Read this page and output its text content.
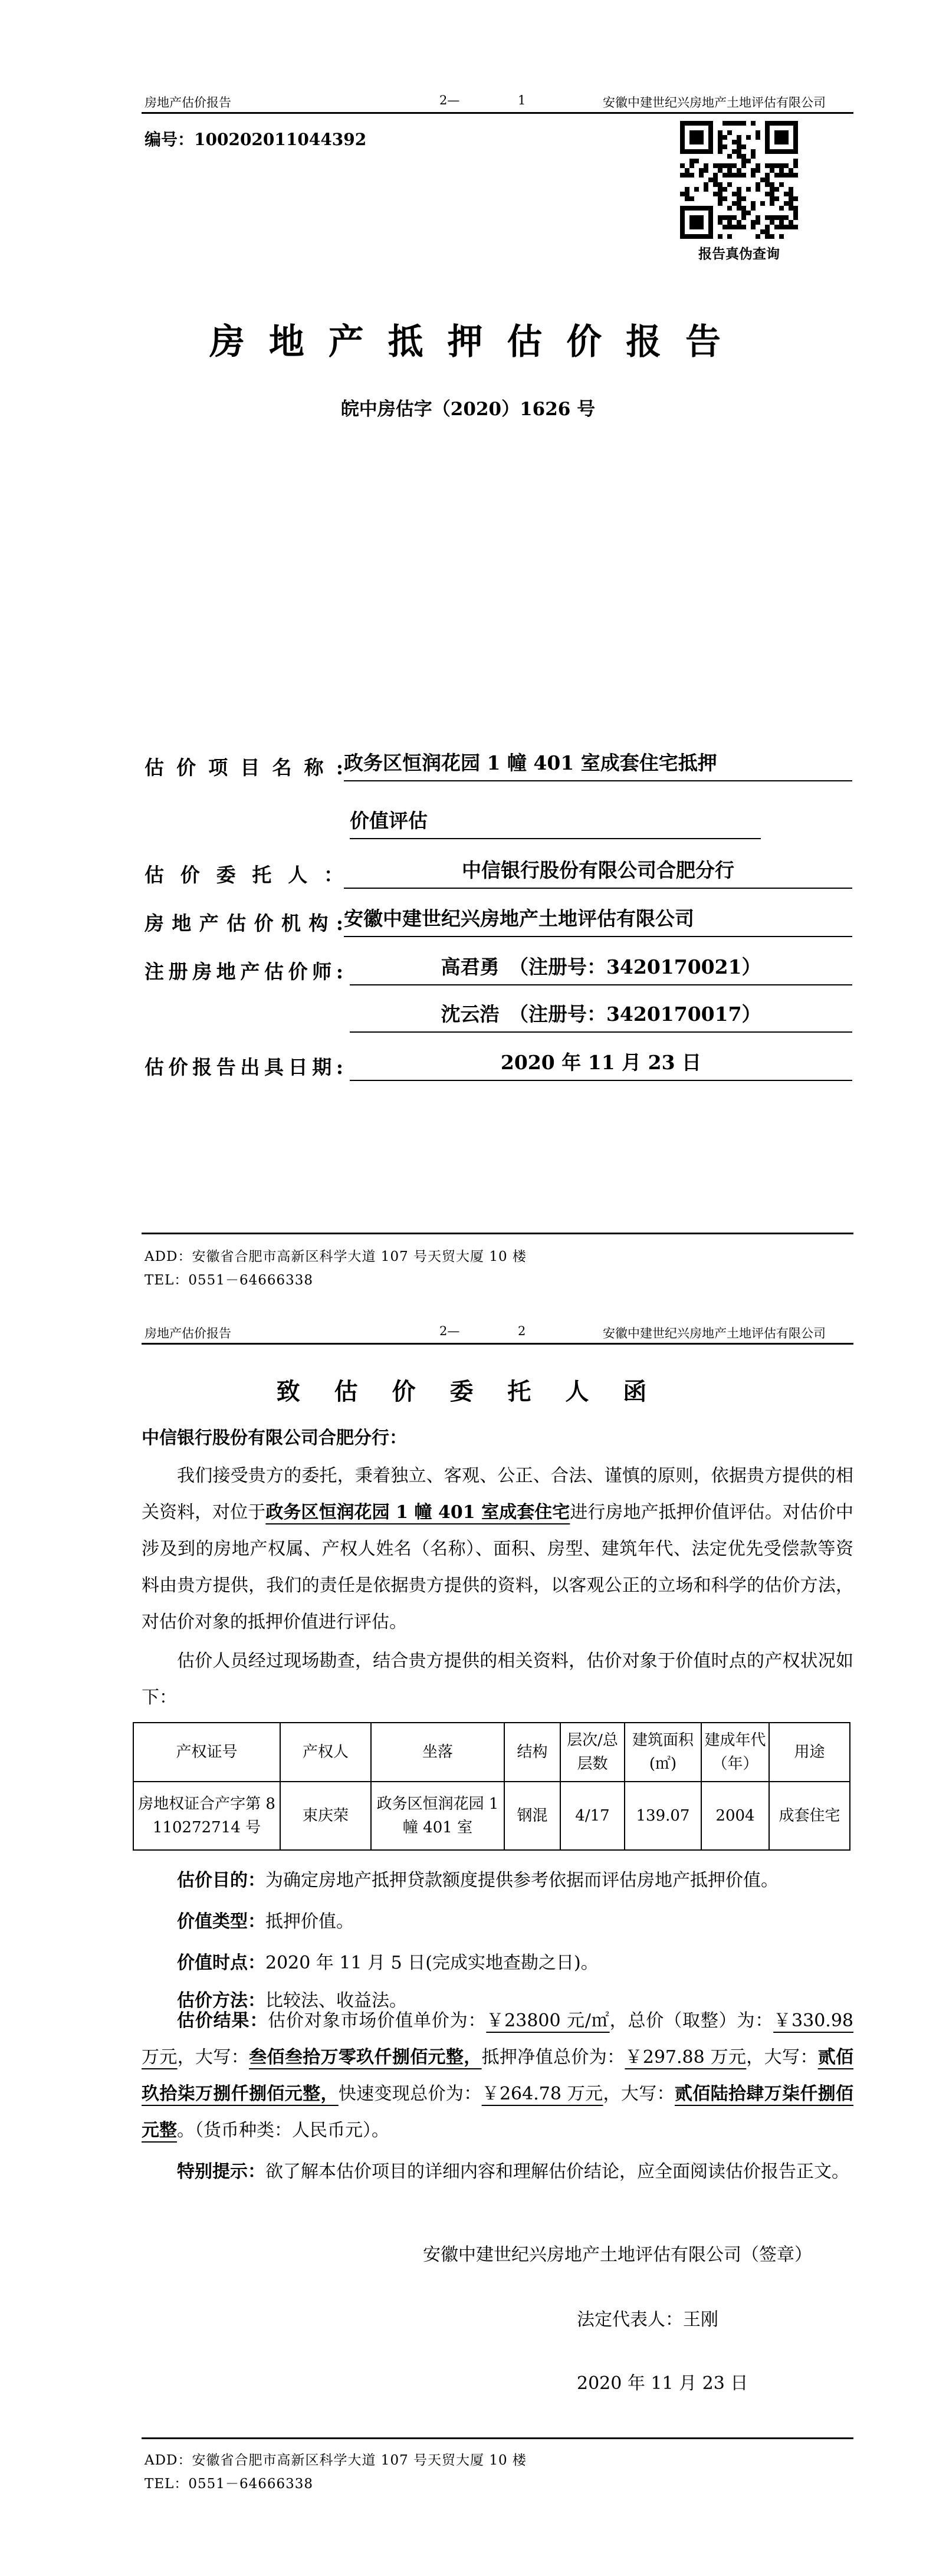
房地产估价报告	2—	1	安徽中建世纪兴房地产土地评估有限公司
编号：100202011044392
报告真伪查询
房 地 产 抵 押 估 价 报 告
皖中房估字（2020）1626 号
估价项目名称: 政务区恒润花园 1 幢 401 室成套住宅抵押
价值评估
估价委托人：	中信银行股份有限公司合肥分行
房地产估价机构: 安徽中建世纪兴房地产土地评估有限公司
注册房地产估价师:	高君勇　（注册号：3420170021）
沈云浩　（注册号：3420170017）
估价报告出具日期:	2020 年 11 月 23 日
ADD：安徽省合肥市高新区科学大道 107 号天贸大厦 10 楼
TEL：0551－64666338
房地产估价报告	2—	2	安徽中建世纪兴房地产土地评估有限公司
致 估 价 委 托 人 函
中信银行股份有限公司合肥分行：
我们接受贵方的委托，秉着独立、客观、公正、合法、谨慎的原则，依据贵方提供的相关资料，对位于政务区恒润花园 1 幢 401 室成套住宅进行房地产抵押价值评估。对估价中涉及到的房地产权属、产权人姓名（名称）、面积、房型、建筑年代、法定优先受偿款等资料由贵方提供，我们的责任是依据贵方提供的资料，以客观公正的立场和科学的估价方法，对估价对象的抵押价值进行评估。
估价人员经过现场勘查，结合贵方提供的相关资料，估价对象于价值时点的产权状况如下：
产权证号	产权人	坐落	结构	层次/总层数	建筑面积(㎡)	建成年代（年）	用途
房地权证合产字第 8110272714 号	束庆荣	政务区恒润花园 1 幢 401 室	钢混	4/17	139.07	2004	成套住宅
估价目的：为确定房地产抵押贷款额度提供参考依据而评估房地产抵押价值。
价值类型：抵押价值。
价值时点：2020 年 11 月 5 日(完成实地查勘之日)。
估价方法：比较法、收益法。
估价结果：估价对象市场价值单价为：￥23800 元/㎡，总价（取整）为：￥330.98 万元，大写：叁佰叁拾万零玖仟捌佰元整，抵押净值总价为：￥297.88 万元，大写：贰佰玖拾柒万捌仟捌佰元整，快速变现总价为：￥264.78 万元，大写：贰佰陆拾肆万柒仟捌佰元整。（货币种类：人民币元）。
特别提示：欲了解本估价项目的详细内容和理解估价结论，应全面阅读估价报告正文。
安徽中建世纪兴房地产土地评估有限公司（签章）
法定代表人：王刚
2020 年 11 月 23 日
ADD：安徽省合肥市高新区科学大道 107 号天贸大厦 10 楼
TEL：0551－64666338
